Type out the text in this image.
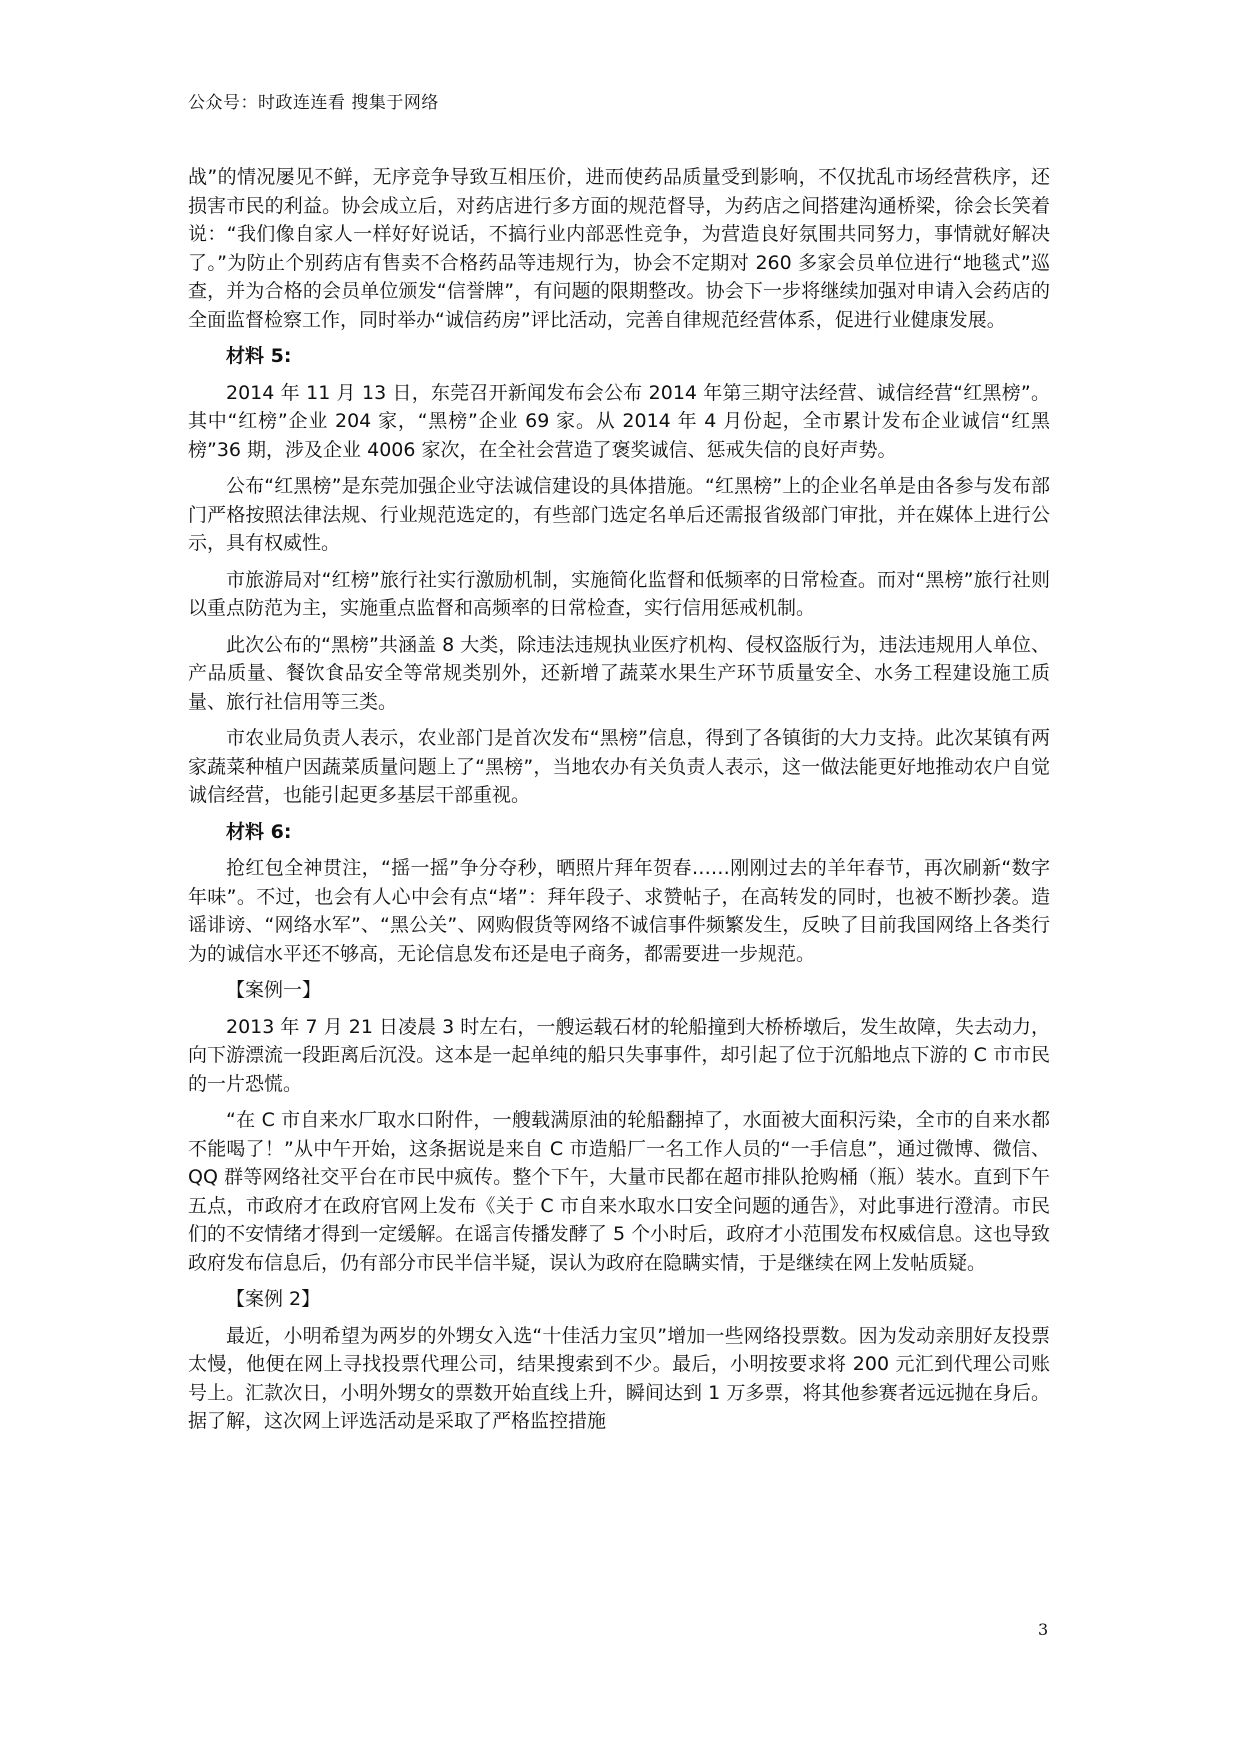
公众号：时政连连看 搜集于网络

战”的情况屡见不鲜，无序竞争导致互相压价，进而使药品质量受到影响，不仅扰乱市场经营秩序，还损害市民的利益。协会成立后，对药店进行多方面的规范督导，为药店之间搭建沟通桥梁，徐会长笑着说：“我们像自家人一样好好说话，不搞行业内部恶性竞争，为营造良好氛围共同努力，事情就好解决了。”为防止个别药店有售卖不合格药品等违规行为，协会不定期对 260 多家会员单位进行“地毯式”巡查，并为合格的会员单位颁发“信誉牌”，有问题的限期整改。协会下一步将继续加强对申请入会药店的全面监督检察工作，同时举办“诚信药房”评比活动，完善自律规范经营体系，促进行业健康发展。

材料 5:

2014 年 11 月 13 日，东莞召开新闻发布会公布 2014 年第三期守法经营、诚信经营“红黑榜”。其中“红榜”企业 204 家，“黑榜”企业 69 家。从 2014 年 4 月份起，全市累计发布企业诚信“红黑榜”36 期，涉及企业 4006 家次，在全社会营造了褒奖诚信、惩戒失信的良好声势。

公布“红黑榜”是东莞加强企业守法诚信建设的具体措施。“红黑榜”上的企业名单是由各参与发布部门严格按照法律法规、行业规范选定的，有些部门选定名单后还需报省级部门审批，并在媒体上进行公示，具有权威性。

市旅游局对“红榜”旅行社实行激励机制，实施简化监督和低频率的日常检查。而对“黑榜”旅行社则以重点防范为主，实施重点监督和高频率的日常检查，实行信用惩戒机制。

此次公布的“黑榜”共涵盖 8 大类，除违法违规执业医疗机构、侵权盗版行为，违法违规用人单位、产品质量、餐饮食品安全等常规类别外，还新增了蔬菜水果生产环节质量安全、水务工程建设施工质量、旅行社信用等三类。

市农业局负责人表示，农业部门是首次发布“黑榜”信息，得到了各镇街的大力支持。此次某镇有两家蔬菜种植户因蔬菜质量问题上了“黑榜”，当地农办有关负责人表示，这一做法能更好地推动农户自觉诚信经营，也能引起更多基层干部重视。

材料 6:

抢红包全神贯注，“摇一摇”争分夺秒，晒照片拜年贺春……刚刚过去的羊年春节，再次刷新“数字年味”。不过，也会有人心中会有点“堵”：拜年段子、求赞帖子，在高转发的同时，也被不断抄袭。造谣诽谤、“网络水军”、“黑公关”、网购假货等网络不诚信事件频繁发生，反映了目前我国网络上各类行为的诚信水平还不够高，无论信息发布还是电子商务，都需要进一步规范。

【案例一】

2013 年 7 月 21 日凌晨 3 时左右，一艘运载石材的轮船撞到大桥桥墩后，发生故障，失去动力，向下游漂流一段距离后沉没。这本是一起单纯的船只失事事件，却引起了位于沉船地点下游的 C 市市民的一片恐慌。

“在 C 市自来水厂取水口附件，一艘载满原油的轮船翻掉了，水面被大面积污染，全市的自来水都不能喝了！”从中午开始，这条据说是来自 C 市造船厂一名工作人员的“一手信息”，通过微博、微信、QQ 群等网络社交平台在市民中疯传。整个下午，大量市民都在超市排队抢购桶（瓶）装水。直到下午五点，市政府才在政府官网上发布《关于 C 市自来水取水口安全问题的通告》，对此事进行澄清。市民们的不安情绪才得到一定缓解。在谣言传播发酵了 5 个小时后，政府才小范围发布权威信息。这也导致政府发布信息后，仍有部分市民半信半疑，误认为政府在隐瞒实情，于是继续在网上发帖质疑。

【案例 2】

最近，小明希望为两岁的外甥女入选“十佳活力宝贝”增加一些网络投票数。因为发动亲朋好友投票太慢，他便在网上寻找投票代理公司，结果搜索到不少。最后，小明按要求将 200 元汇到代理公司账号上。汇款次日，小明外甥女的票数开始直线上升，瞬间达到 1 万多票，将其他参赛者远远抛在身后。据了解，这次网上评选活动是采取了严格监控措施

3
